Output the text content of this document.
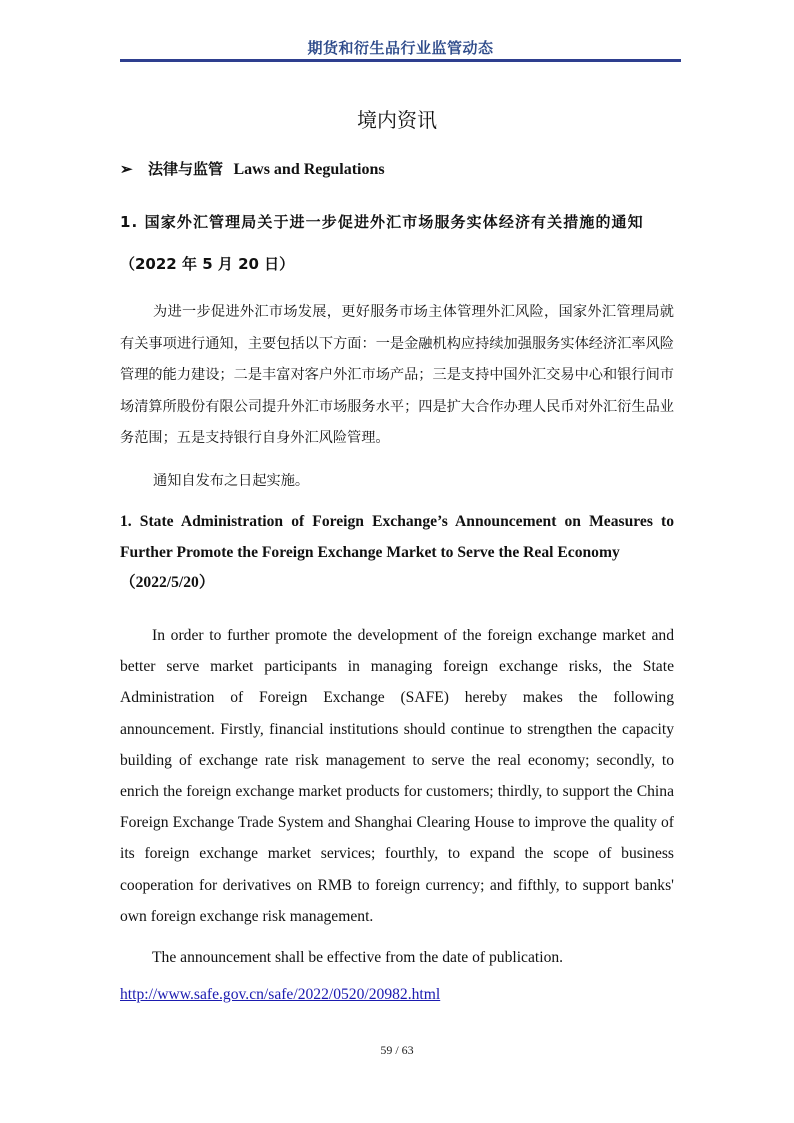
期货和衍生品行业监管动态
境内资讯
➢ 法律与监管 Laws and Regulations
1. 国家外汇管理局关于进一步促进外汇市场服务实体经济有关措施的通知
（2022 年 5 月 20 日）
为进一步促进外汇市场发展，更好服务市场主体管理外汇风险，国家外汇管理局就有关事项进行通知，主要包括以下方面：一是金融机构应持续加强服务实体经济汇率风险管理的能力建设；二是丰富对客户外汇市场产品；三是支持中国外汇交易中心和银行间市场清算所股份有限公司提升外汇市场服务水平；四是扩大合作办理人民币对外汇衍生品业务范围；五是支持银行自身外汇风险管理。
通知自发布之日起实施。
1. State Administration of Foreign Exchange’s Announcement on Measures to Further Promote the Foreign Exchange Market to Serve the Real Economy
（2022/5/20）
In order to further promote the development of the foreign exchange market and better serve market participants in managing foreign exchange risks, the State Administration of Foreign Exchange (SAFE) hereby makes the following announcement. Firstly, financial institutions should continue to strengthen the capacity building of exchange rate risk management to serve the real economy; secondly, to enrich the foreign exchange market products for customers; thirdly, to support the China Foreign Exchange Trade System and Shanghai Clearing House to improve the quality of its foreign exchange market services; fourthly, to expand the scope of business cooperation for derivatives on RMB to foreign currency; and fifthly, to support banks' own foreign exchange risk management.
The announcement shall be effective from the date of publication.
http://www.safe.gov.cn/safe/2022/0520/20982.html
59 / 63
